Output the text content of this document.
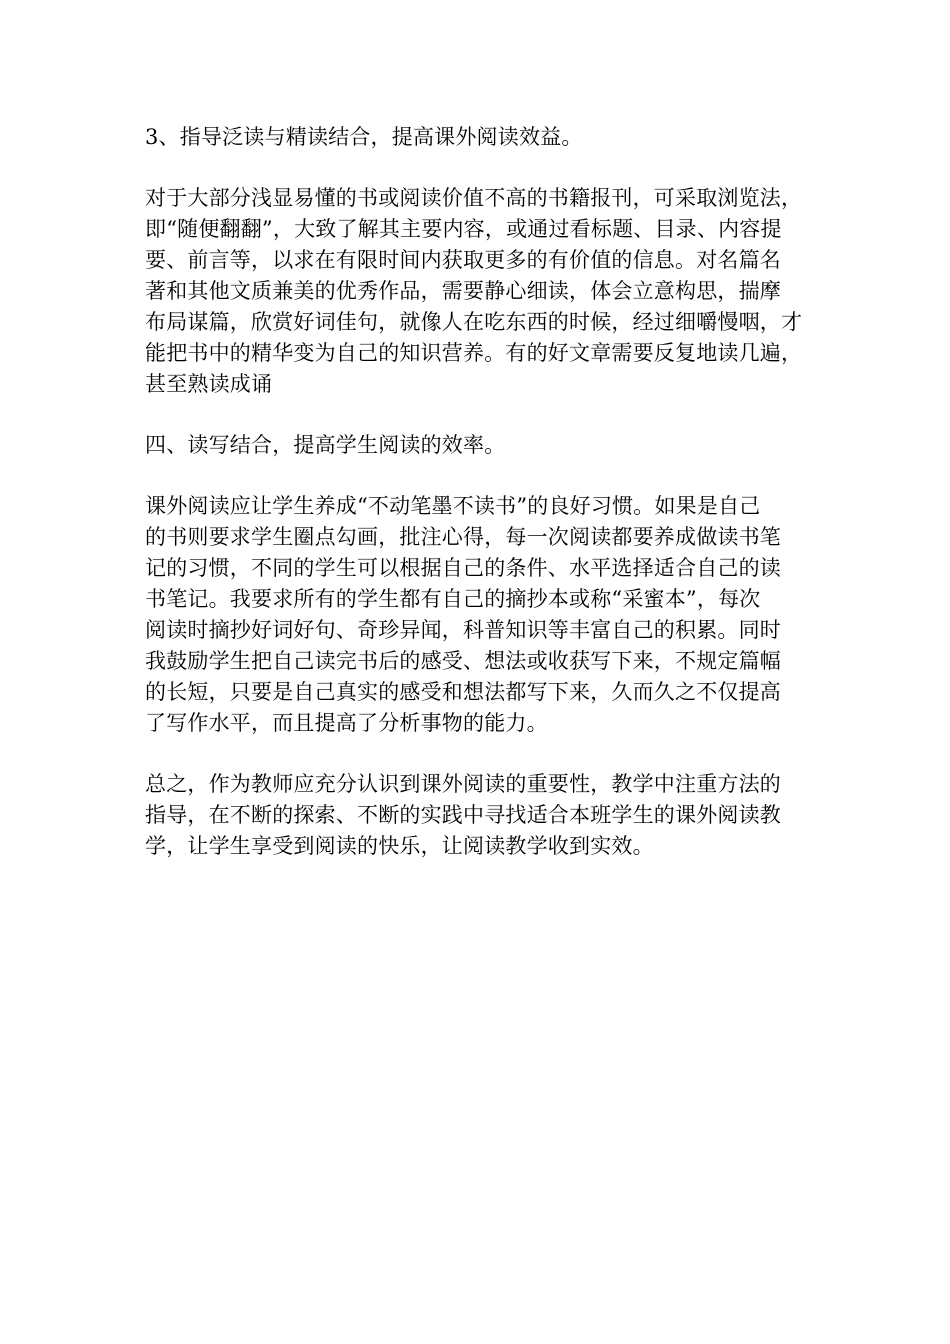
3、指导泛读与精读结合，提高课外阅读效益。

对于大部分浅显易懂的书或阅读价值不高的书籍报刊，可采取浏览法，
即“随便翻翻”，大致了解其主要内容，或通过看标题、目录、内容提
要、前言等，以求在有限时间内获取更多的有价值的信息。对名篇名
著和其他文质兼美的优秀作品，需要静心细读，体会立意构思，揣摩
布局谋篇，欣赏好词佳句，就像人在吃东西的时候，经过细嚼慢咽，才
能把书中的精华变为自己的知识营养。有的好文章需要反复地读几遍，
甚至熟读成诵

四、读写结合，提高学生阅读的效率。

课外阅读应让学生养成“不动笔墨不读书”的良好习惯。如果是自己
的书则要求学生圈点勾画，批注心得，每一次阅读都要养成做读书笔
记的习惯，不同的学生可以根据自己的条件、水平选择适合自己的读
书笔记。我要求所有的学生都有自己的摘抄本或称“采蜜本”，每次
阅读时摘抄好词好句、奇珍异闻，科普知识等丰富自己的积累。同时
我鼓励学生把自己读完书后的感受、想法或收获写下来，不规定篇幅
的长短，只要是自己真实的感受和想法都写下来，久而久之不仅提高
了写作水平，而且提高了分析事物的能力。

总之，作为教师应充分认识到课外阅读的重要性，教学中注重方法的
指导，在不断的探索、不断的实践中寻找适合本班学生的课外阅读教
学，让学生享受到阅读的快乐，让阅读教学收到实效。
